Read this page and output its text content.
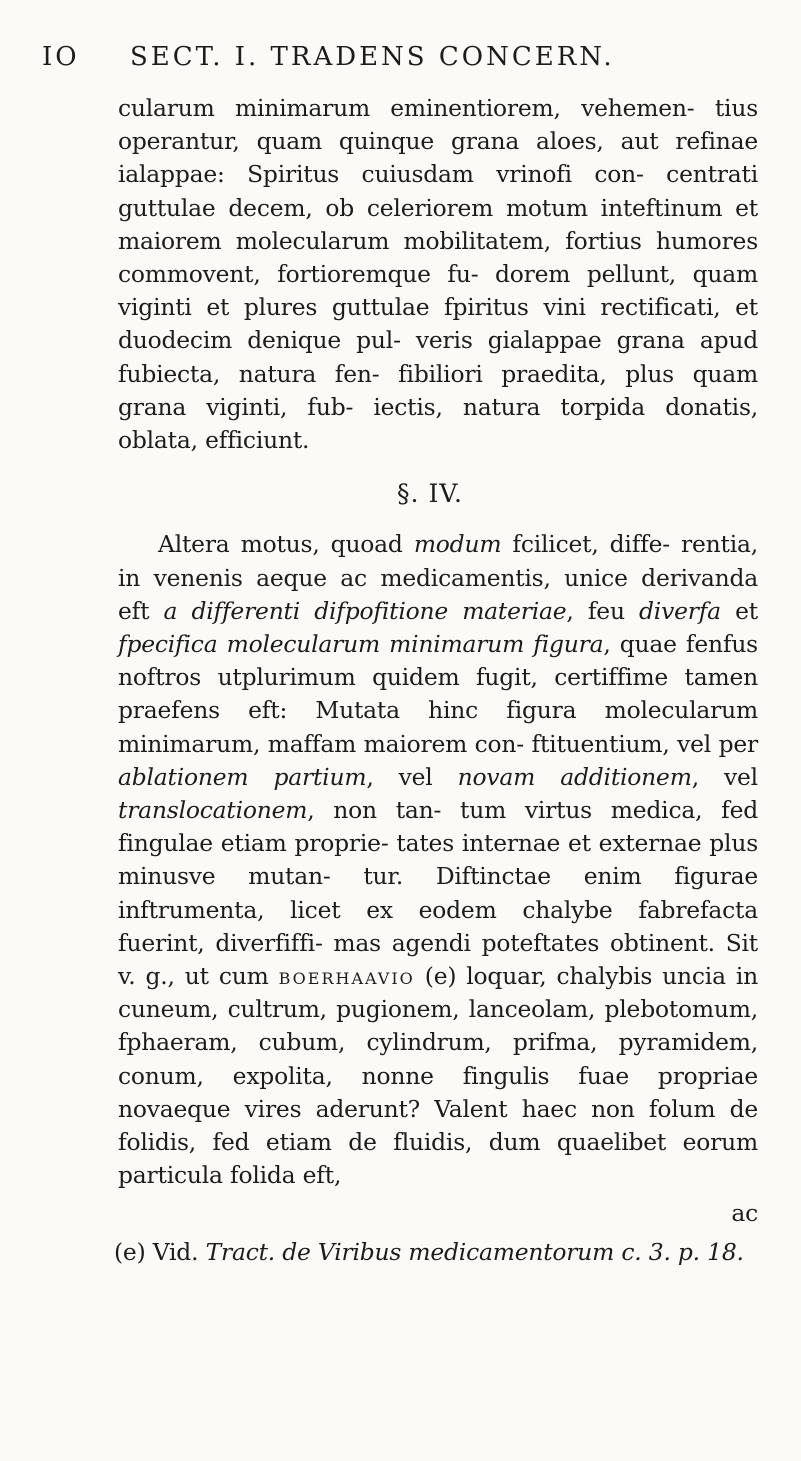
IO SECT. I. TRADENS CONCERN.

cularum minimarum eminentiorem, vehemen- tius operantur, quam quinque grana aloes, aut refinae ialappae: Spiritus cuiusdam vrinofi con- centrati guttulae decem, ob celeriorem motum inteftinum et maiorem molecularum mobilitatem, fortius humores commovent, fortioremque fu- dorem pellunt, quam viginti et plures guttulae fpiritus vini rectificati, et duodecim denique pul- veris gialappae grana apud fubiecta, natura fen- fibiliori praedita, plus quam grana viginti, fub- iectis, natura torpida donatis, oblata, efficiunt.

§. IV.

Altera motus, quoad modum fcilicet, diffe- rentia, in venenis aeque ac medicamentis, unice derivanda eft a differenti difpofitione materiae, feu diverfa et fpecifica molecularum minimarum figura, quae fenfus noftros utplurimum quidem fugit, certiffime tamen praefens eft: Mutata hinc figura molecularum minimarum, maffam maiorem con- ftituentium, vel per ablationem partium, vel novam additionem, vel translocationem, non tan- tum virtus medica, fed fingulae etiam proprie- tates internae et externae plus minusve mutan- tur. Diftinctae enim figurae inftrumenta, licet ex eodem chalybe fabrefacta fuerint, diverfiffi- mas agendi poteftates obtinent. Sit v. g., ut cum boerhaavio (e) loquar, chalybis uncia in cuneum, cultrum, pugionem, lanceolam, plebotomum, fphaeram, cubum, cylindrum, prifma, pyramidem, conum, expolita, nonne fingulis fuae propriae novaeque vires aderunt? Valent haec non folum de folidis, fed etiam de fluidis, dum quaelibet eorum particula folida eft,

ac
(e) Vid. Tract. de Viribus medicamentorum c. 3. p. 18.
